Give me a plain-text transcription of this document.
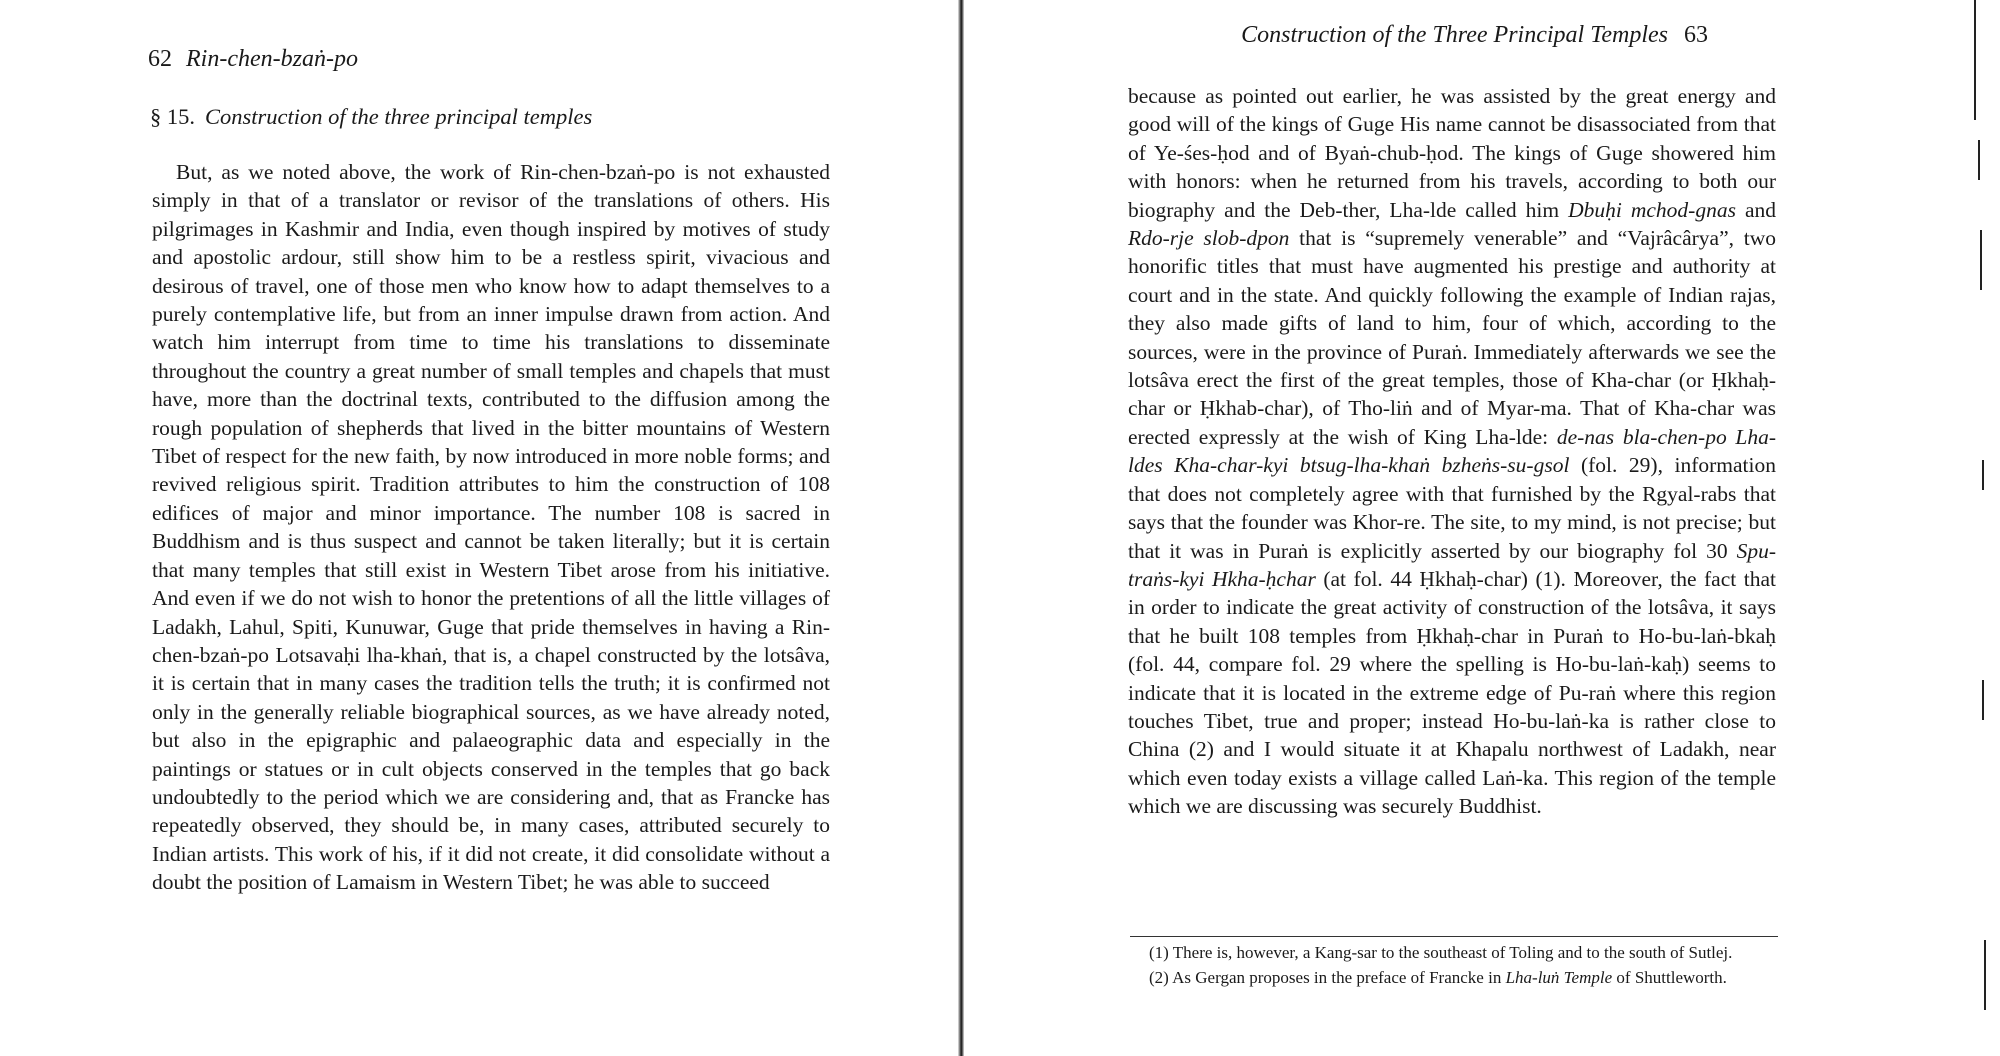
62 Rin-chen-bzaṅ-po
§ 15. Construction of the three principal temples
But, as we noted above, the work of Rin-chen-bzaṅ-po is not exhausted simply in that of a translator or revisor of the translations of others. His pilgrimages in Kashmir and India, even though inspired by motives of study and apostolic ardour, still show him to be a restless spirit, vivacious and desirous of travel, one of those men who know how to adapt themselves to a purely contemplative life, but from an inner impulse drawn from action. And watch him interrupt from time to time his translations to disseminate throughout the country a great number of small temples and chapels that must have, more than the doctrinal texts, contributed to the diffusion among the rough population of shepherds that lived in the bitter mountains of Western Tibet of respect for the new faith, by now introduced in more noble forms; and revived religious spirit. Tradition attributes to him the construction of 108 edifices of major and minor importance. The number 108 is sacred in Buddhism and is thus suspect and cannot be taken literally; but it is certain that many temples that still exist in Western Tibet arose from his initiative. And even if we do not wish to honor the pretentions of all the little villages of Ladakh, Lahul, Spiti, Kunuwar, Guge that pride themselves in having a Rin-chen-bzaṅ-po Lotsavaḥi lha-khaṅ, that is, a chapel constructed by the lotsâva, it is certain that in many cases the tradition tells the truth; it is confirmed not only in the generally reliable biographical sources, as we have already noted, but also in the epigraphic and palaeographic data and especially in the paintings or statues or in cult objects conserved in the temples that go back undoubtedly to the period which we are considering and, that as Francke has repeatedly observed, they should be, in many cases, attributed securely to Indian artists. This work of his, if it did not create, it did consolidate without a doubt the position of Lamaism in Western Tibet; he was able to succeed
Construction of the Three Principal Temples 63
because as pointed out earlier, he was assisted by the great energy and good will of the kings of Guge His name cannot be disassociated from that of Ye-śes-ḥod and of Byaṅ-chub-ḥod. The kings of Guge showered him with honors: when he returned from his travels, according to both our biography and the Deb-ther, Lha-lde called him Dbuḥi mchod-gnas and Rdo-rje slob-dpon that is “supremely venerable” and “Vajrâcârya”, two honorific titles that must have augmented his prestige and authority at court and in the state. And quickly following the example of Indian rajas, they also made gifts of land to him, four of which, according to the sources, were in the province of Puraṅ. Immediately afterwards we see the lotsâva erect the first of the great temples, those of Kha-char (or Ḥkhaḥ-char or Ḥkhab-char), of Tho-liṅ and of Myar-ma. That of Kha-char was erected expressly at the wish of King Lha-lde: de-nas bla-chen-po Lha-ldes Kha-char-kyi btsug-lha-khaṅ bzheṅs-su-gsol (fol. 29), information that does not completely agree with that furnished by the Rgyal-rabs that says that the founder was Khor-re. The site, to my mind, is not precise; but that it was in Puraṅ is explicitly asserted by our biography fol 30 Spu-traṅs-kyi Hkha-ḥchar (at fol. 44 Ḥkhaḥ-char) (1). Moreover, the fact that in order to indicate the great activity of construction of the lotsâva, it says that he built 108 temples from Ḥkhaḥ-char in Puraṅ to Ho-bu-laṅ-bkaḥ (fol. 44, compare fol. 29 where the spelling is Ho-bu-laṅ-kaḥ) seems to indicate that it is located in the extreme edge of Pu-raṅ where this region touches Tibet, true and proper; instead Ho-bu-laṅ-ka is rather close to China (2) and I would situate it at Khapalu northwest of Ladakh, near which even today exists a village called Laṅ-ka. This region of the temple which we are discussing was securely Buddhist.
(1) There is, however, a Kang-sar to the southeast of Toling and to the south of Sutlej.
(2) As Gergan proposes in the preface of Francke in Lha-luṅ Temple of Shuttleworth.
